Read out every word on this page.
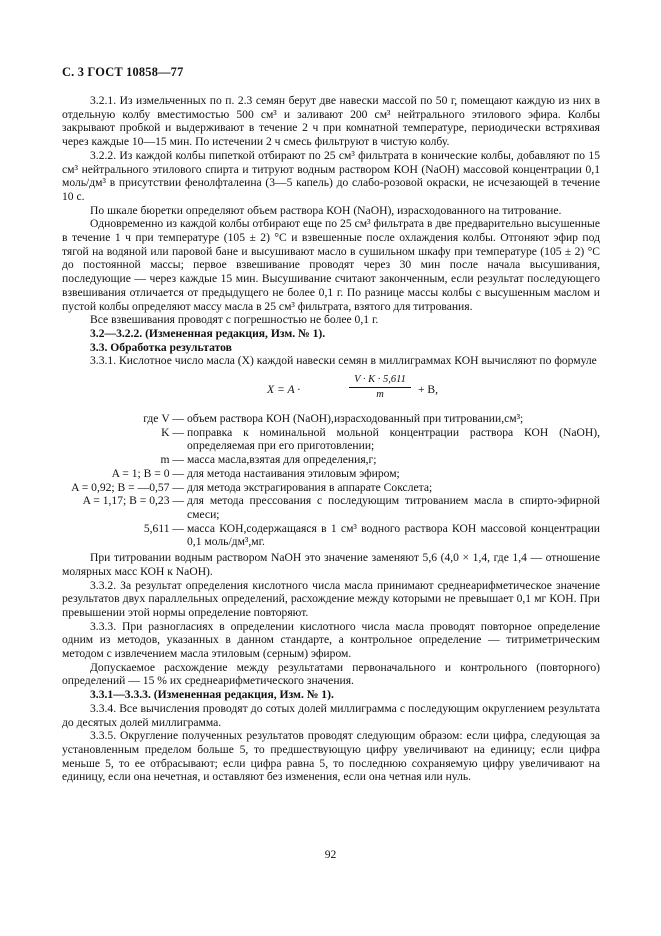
С. 3 ГОСТ 10858—77

3.2.1. Из измельченных по п. 2.3 семян берут две навески массой по 50 г, помещают каждую из них в отдельную колбу вместимостью 500 см³ и заливают 200 см³ нейтрального этилового эфира. Колбы закрывают пробкой и выдерживают в течение 2 ч при комнатной температуре, периодически встряхивая через каждые 10—15 мин. По истечении 2 ч смесь фильтруют в чистую колбу.

3.2.2. Из каждой колбы пипеткой отбирают по 25 см³ фильтрата в конические колбы, добавляют по 15 см³ нейтрального этилового спирта и титруют водным раствором КОН (NaOH) массовой концентрации 0,1 моль/дм³ в присутствии фенолфталеина (3—5 капель) до слабо-розовой окраски, не исчезающей в течение 10 с.

По шкале бюретки определяют объем раствора КОН (NaOH), израсходованного на титрование.

Одновременно из каждой колбы отбирают еще по 25 см³ фильтрата в две предварительно высушенные в течение 1 ч при температуре (105 ± 2) °С и взвешенные после охлаждения колбы. Отгоняют эфир под тягой на водяной или паровой бане и высушивают масло в сушильном шкафу при температуре (105 ± 2) °С до постоянной массы; первое взвешивание проводят через 30 мин после начала высушивания, последующие — через каждые 15 мин. Высушивание считают законченным, если результат последующего взвешивания отличается от предыдущего не более 0,1 г. По разнице массы колбы с высушенным маслом и пустой колбы определяют массу масла в 25 см³ фильтрата, взятого для титрования.

Все взвешивания проводят с погрешностью не более 0,1 г.

3.2—3.2.2. (Измененная редакция, Изм. № 1).

3.3. Обработка результатов

3.3.1. Кислотное число масла (X) каждой навески семян в миллиграммах КОН вычисляют по формуле

X = A ·
V · K · 5,611
m	+ B,
где V — объем раствора КОН (NaOH),израсходованный при титровании,см³;
K — поправка к номинальной мольной концентрации раствора КОН (NaOH), определяемая при его приготовлении;
m — масса масла,взятая для определения,г;
A = 1; B = 0 — для метода настаивания этиловым эфиром;
A = 0,92; B = —0,57 — для метода экстрагирования в аппарате Сокслета;
A = 1,17; B = 0,23 — для метода прессования с последующим титрованием масла в спирто-эфирной смеси;
5,611 — масса КОН,содержащаяся в 1 см³ водного раствора КОН массовой концентрации 0,1 моль/дм³,мг.

При титровании водным раствором NaOH это значение заменяют 5,6 (4,0 × 1,4, где 1,4 — отношение молярных масс КОН к NaOH).

3.3.2. За результат определения кислотного числа масла принимают среднеарифметическое значение результатов двух параллельных определений, расхождение между которыми не превышает 0,1 мг КОН. При превышении этой нормы определение повторяют.

3.3.3. При разногласиях в определении кислотного числа масла проводят повторное определение одним из методов, указанных в данном стандарте, а контрольное определение — титриметрическим методом с извлечением масла этиловым (серным) эфиром.

Допускаемое расхождение между результатами первоначального и контрольного (повторного) определений — 15 % их среднеарифметического значения.

3.3.1—3.3.3. (Измененная редакция, Изм. № 1).

3.3.4. Все вычисления проводят до сотых долей миллиграмма с последующим округлением результата до десятых долей миллиграмма.

3.3.5. Округление полученных результатов проводят следующим образом: если цифра, следующая за установленным пределом больше 5, то предшествующую цифру увеличивают на единицу; если цифра меньше 5, то ее отбрасывают; если цифра равна 5, то последнюю сохраняемую цифру увеличивают на единицу, если она нечетная, и оставляют без изменения, если она четная или нуль.

92
